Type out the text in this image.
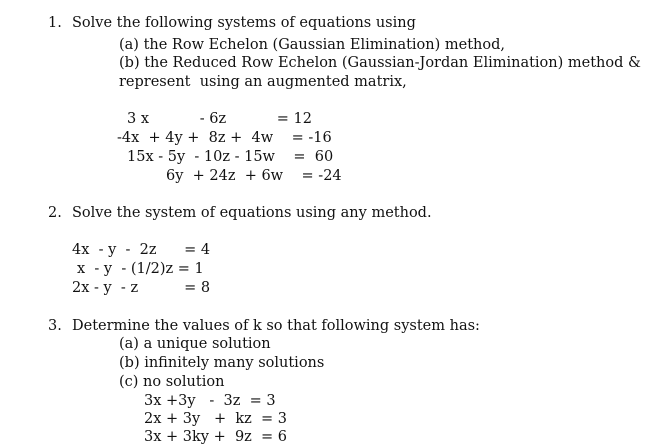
1. Solve the following systems of equations using
(a) the Row Echelon (Gaussian Elimination) method,
(b) the Reduced Row Echelon (Gaussian-Jordan Elimination) method &
represent  using an augmented matrix,
3 x           - 6z           = 12
-4x  + 4y +  8z +  4w    = -16
15x - 5y  - 10z - 15w    =  60
6y  + 24z  + 6w    = -24
2. Solve the system of equations using any method.
4x  - y  -  2z      = 4
x  - y  - (1/2)z = 1
2x - y  - z          = 8
3. Determine the values of k so that following system has:
(a) a unique solution
(b) infinitely many solutions
(c) no solution
3x +3y   -  3z  = 3
2x + 3y   +  kz  = 3
3x + 3ky +  9z  = 6
